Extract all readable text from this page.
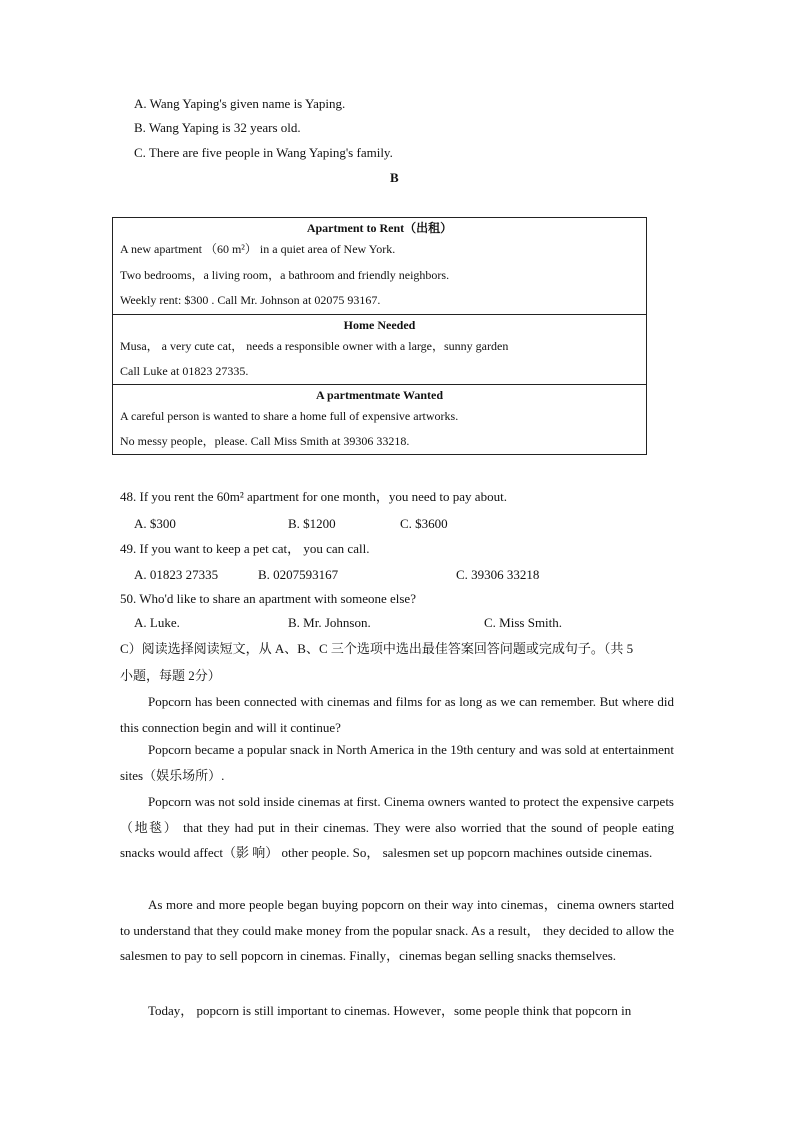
A. Wang Yaping's given name is Yaping.
B. Wang Yaping is 32 years old.
C. There are five people in Wang Yaping's family.
B
Apartment to Rent（出租）
A new apartment （60 m²） in a quiet area of New York.
Two bedrooms，a living room，a bathroom and friendly neighbors.
Weekly rent: $300 . Call Mr. Johnson at 02075 93167.
Home Needed
Musa， a very cute cat， needs a responsible owner with a large，sunny garden
Call Luke at 01823 27335.
A partmentmate Wanted
A careful person is wanted to share a home full of expensive artworks.
No messy people，please. Call Miss Smith at 39306 33218.
48. If you rent the 60m² apartment for one month，you need to pay about.
A. $300	B. $1200	C. $3600
49. If you want to keep a pet cat， you can call.
A. 01823 27335	B. 0207593167	C. 39306 33218
50. Who'd like to share an apartment with someone else?
A. Luke.	B. Mr. Johnson.	C. Miss Smith.
C）阅读选择阅读短文，从 A、B、C 三个选项中选出最佳答案回答问题或完成句子。（共 5
小题，每题 2分）
Popcorn has been connected with cinemas and films for as long as we can remember. But where did this connection begin and will it continue?
Popcorn became a popular snack in North America in the 19th century and was sold at entertainment sites（娱乐场所）.
Popcorn was not sold inside cinemas at first. Cinema owners wanted to protect the expensive carpets（地毯） that they had put in their cinemas. They were also worried that the sound of people eating snacks would affect（影 响） other people. So， salesmen set up popcorn machines outside cinemas.
As more and more people began buying popcorn on their way into cinemas，cinema owners started to understand that they could make money from the popular snack. As a result， they decided to allow the salesmen to pay to sell popcorn in cinemas. Finally，cinemas began selling snacks themselves.
Today， popcorn is still important to cinemas. However，some people think that popcorn in
